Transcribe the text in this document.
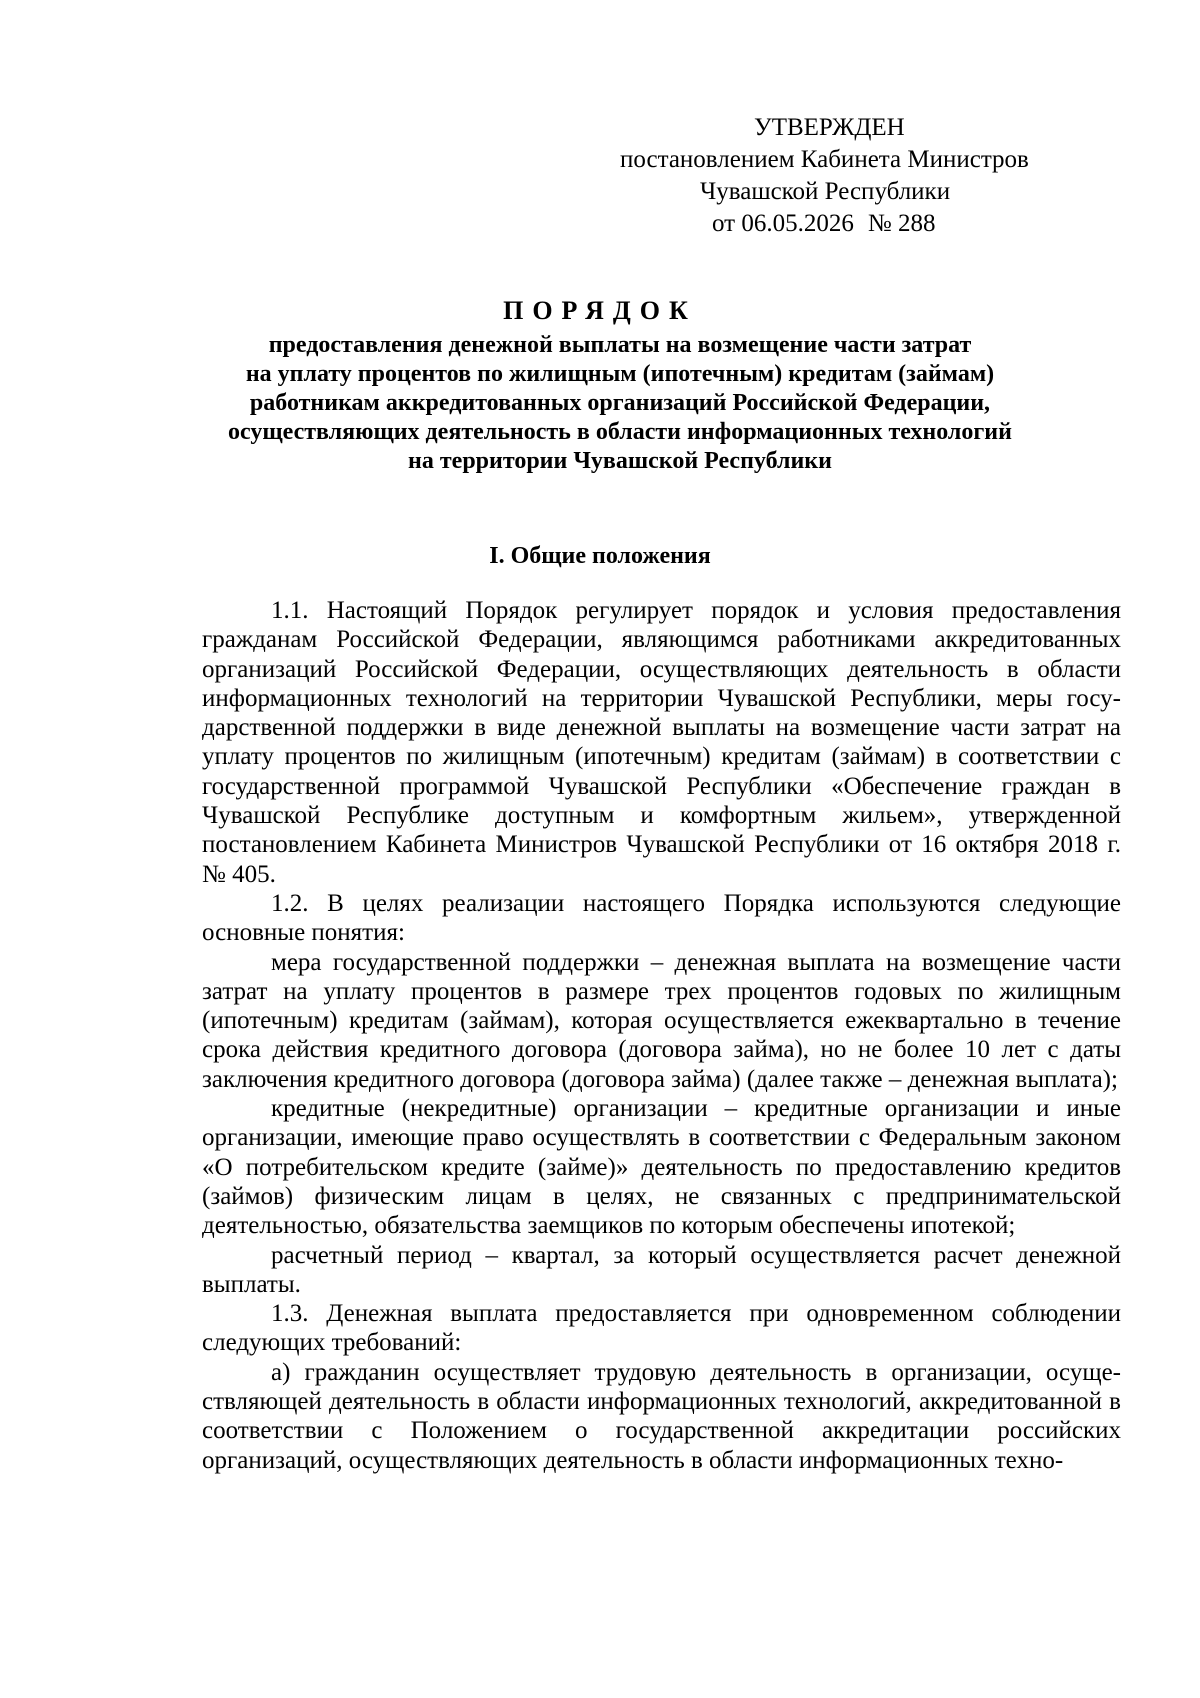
УТВЕРЖДЕН
постановлением Кабинета Министров
Чувашской Республики
от 06.05.2026 № 288
ПОРЯДОК
предоставления денежной выплаты на возмещение части затрат
на уплату процентов по жилищным (ипотечным) кредитам (займам)
работникам аккредитованных организаций Российской Федерации,
осуществляющих деятельность в области информационных технологий
на территории Чувашской Республики
I. Общие положения

1.1. Настоящий Порядок регулирует порядок и условия предоставления гражданам Российской Федерации, являющимся работниками аккредитованных организаций Российской Федерации, осуществляющих деятельность в области информационных технологий на территории Чувашской Республики, меры государственной поддержки в виде денежной выплаты на возмещение части затрат на уплату процентов по жилищным (ипотечным) кредитам (займам) в соответствии с государственной программой Чувашской Республики «Обеспечение граждан в Чувашской Республике доступным и комфортным жильем», утвержденной постановлением Кабинета Министров Чувашской Республики от 16 октября 2018 г. № 405.

1.2. В целях реализации настоящего Порядка используются следующие основные понятия:

мера государственной поддержки – денежная выплата на возмещение части затрат на уплату процентов в размере трех процентов годовых по жилищным (ипотечным) кредитам (займам), которая осуществляется ежеквартально в течение срока действия кредитного договора (договора займа), но не более 10 лет с даты заключения кредитного договора (договора займа) (далее также – денежная выплата);

кредитные (некредитные) организации – кредитные организации и иные организации, имеющие право осуществлять в соответствии с Федеральным законом «О потребительском кредите (займе)» деятельность по предоставлению кредитов (займов) физическим лицам в целях, не связанных с предпринимательской деятельностью, обязательства заемщиков по которым обеспечены ипотекой;

расчетный период – квартал, за который осуществляется расчет денежной выплаты.

1.3. Денежная выплата предоставляется при одновременном соблюдении следующих требований:

а) гражданин осуществляет трудовую деятельность в организации, осуществляющей деятельность в области информационных технологий, аккредитованной в соответствии с Положением о государственной аккредитации российских организаций, осуществляющих деятельность в области информационных техно-
